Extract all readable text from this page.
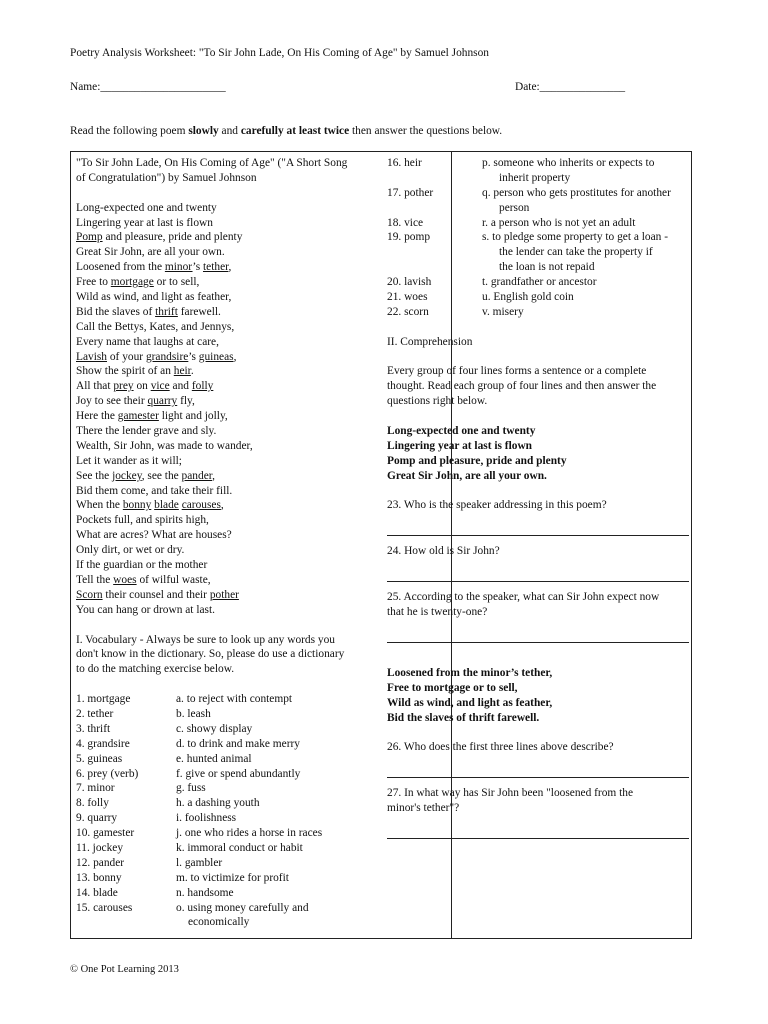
Poetry Analysis Worksheet: "To Sir John Lade, On His Coming of Age" by Samuel Johnson
Name:______________________	Date:_______________
Read the following poem slowly and carefully at least twice then answer the questions below.
"To Sir John Lade, On His Coming of Age" ("A Short Song
of Congratulation") by Samuel Johnson
Long-expected one and twenty
Lingering year at last is flown
Pomp and pleasure, pride and plenty
Great Sir John, are all your own.
Loosened from the minor’s tether,
Free to mortgage or to sell,
Wild as wind, and light as feather,
Bid the slaves of thrift farewell.
Call the Bettys, Kates, and Jennys,
Every name that laughs at care,
Lavish of your grandsire’s guineas,
Show the spirit of an heir.
All that prey on vice and folly
Joy to see their quarry fly,
Here the gamester light and jolly,
There the lender grave and sly.
Wealth, Sir John, was made to wander,
Let it wander as it will;
See the jockey, see the pander,
Bid them come, and take their fill.
When the bonny blade carouses,
Pockets full, and spirits high,
What are acres? What are houses?
Only dirt, or wet or dry.
If the guardian or the mother
Tell the woes of wilful waste,
Scorn their counsel and their pother
You can hang or drown at last.
I. Vocabulary - Always be sure to look up any words you
don't know in the dictionary. So, please do use a dictionary
to do the matching exercise below.
1. mortgage	a. to reject with contempt
2. tether	b. leash
3. thrift	c. showy display
4. grandsire	d. to drink and make merry
5. guineas	e. hunted animal
6. prey (verb)	f. give or spend abundantly
7. minor	g. fuss
8. folly	h. a dashing youth
9. quarry	i. foolishness
10. gamester	j. one who rides a horse in races
11. jockey	k. immoral conduct or habit
12. pander	l. gambler
13. bonny	m. to victimize for profit
14. blade	n. handsome
15. carouses	o. using money carefully and
economically
16. heir	p. someone who inherits or expects to
inherit property
17. pother	q. person who gets prostitutes for another
person
18. vice	r. a person who is not yet an adult
19. pomp	s. to pledge some property to get a loan -
the lender can take the property if
the loan is not repaid
20. lavish	t. grandfather or ancestor
21. woes	u. English gold coin
22. scorn	v. misery
II. Comprehension
Every group of four lines forms a sentence or a complete
thought. Read each group of four lines and then answer the
questions right below.
Long-expected one and twenty
Lingering year at last is flown
Pomp and pleasure, pride and plenty
Great Sir John, are all your own.
23. Who is the speaker addressing in this poem?
24. How old is Sir John?
25. According to the speaker, what can Sir John expect now
that he is twenty-one?
Loosened from the minor’s tether,
Free to mortgage or to sell,
Wild as wind, and light as feather,
Bid the slaves of thrift farewell.
26. Who does the first three lines above describe?
27. In what way has Sir John been "loosened from the
minor's tether"?
© One Pot Learning 2013
